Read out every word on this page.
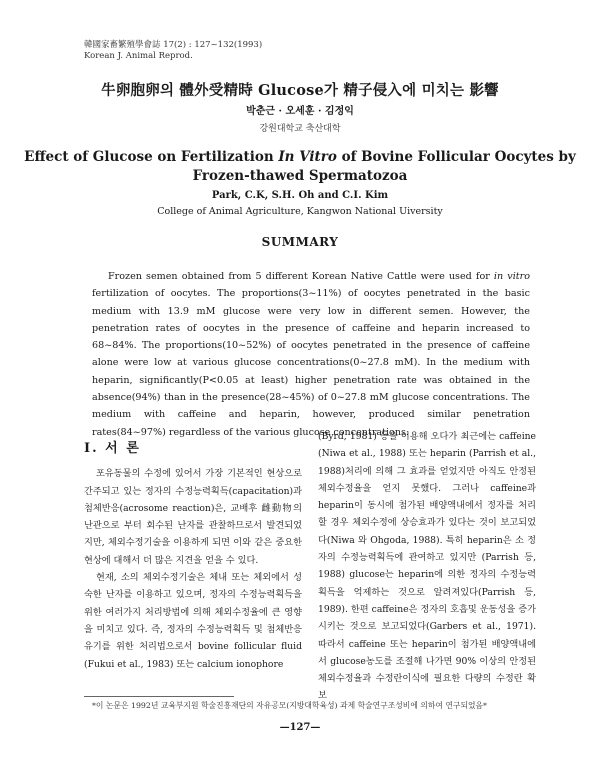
韓國家畜繁殖學會誌 17(2) : 127~132(1993)
Korean J. Animal Reprod.
牛卵胞卵의 體外受精時 Glucose가 精子侵入에 미치는 影響
박춘근 · 오세훈 · 김정익
강원대학교 축산대학
Effect of Glucose on Fertilization In Vitro of Bovine Follicular Oocytes by
Frozen-thawed Spermatozoa
Park, C.K, S.H. Oh and C.I. Kim
College of Animal Agriculture, Kangwon National Uiversity
SUMMARY

Frozen semen obtained from 5 different Korean Native Cattle were used for in vitro fertilization of oocytes. The proportions(3~11%) of oocytes penetrated in the basic medium with 13.9 mM glucose were very low in different semen. However, the penetration rates of oocytes in the presence of caffeine and heparin increased to 68~84%. The proportions(10~52%) of oocytes penetrated in the presence of caffeine alone were low at various glucose concentrations(0~27.8 mM). In the medium with heparin, significantly(P<0.05 at least) higher penetration rate was obtained in the absence(94%) than in the presence(28~45%) of 0~27.8 mM glucose concentrations. The medium with caffeine and heparin, however, produced similar penetration rates(84~97%) regardless of the various glucose concentrations.

I. 서 론

포유동물의 수정에 있어서 가장 기본적인 현상으로 간주되고 있는 정자의 수정능력획득(capacitation)과 첨체반응(acrosome reaction)은, 교배후 雌動物의 난관으로 부터 회수된 난자를 관찰하므로서 발견되었지만, 체외수정기술을 이용하게 되면 이와 같은 중요한 현상에 대해서 더 많은 지견을 얻을 수 있다.

현재, 소의 체외수정기술은 체내 또는 체외에서 성숙한 난자를 이용하고 있으며, 정자의 수정능력획득을 위한 여러가지 처리방법에 의해 체외수정율에 큰 영향을 미치고 있다. 즉, 정자의 수정능력획득 및 첨체반응 유기를 위한 처리법으로서 bovine follicular fluid (Fukui et al., 1983) 또는 calcium ionophore

(Byrd, 1981) 등을 이용해 오다가 최근에는 caffeine (Niwa et al., 1988) 또는 heparin (Parrish et al., 1988)처리에 의해 그 효과를 얻었지만 아직도 안정된 체외수정율을 얻지 못했다. 그러나 caffeine과 heparin이 동시에 첨가된 배양액내에서 정자를 처리할 경우 체외수정에 상승효과가 있다는 것이 보고되었다(Niwa 와 Ohgoda, 1988). 특히 heparin은 소 정자의 수정능력획득에 관여하고 있지만 (Parrish 등, 1988) glucose는 heparin에 의한 정자의 수정능력획득을 억제하는 것으로 알려져있다(Parrish 등, 1989). 한편 caffeine은 정자의 호흡및 운동성을 증가시키는 것으로 보고되었다(Garbers et al., 1971). 따라서 caffeine 또는 heparin이 첨가된 배양액내에서 glucose농도를 조절해 나가면 90% 이상의 안정된 체외수정율과 수정란이식에 필요한 다량의 수정란 확보

*이 논문은 1992년 교육부지원 학술진흥재단의 자유공모(지방대학육성) 과제 학술연구조성비에 의하여 연구되었음*
—127—
